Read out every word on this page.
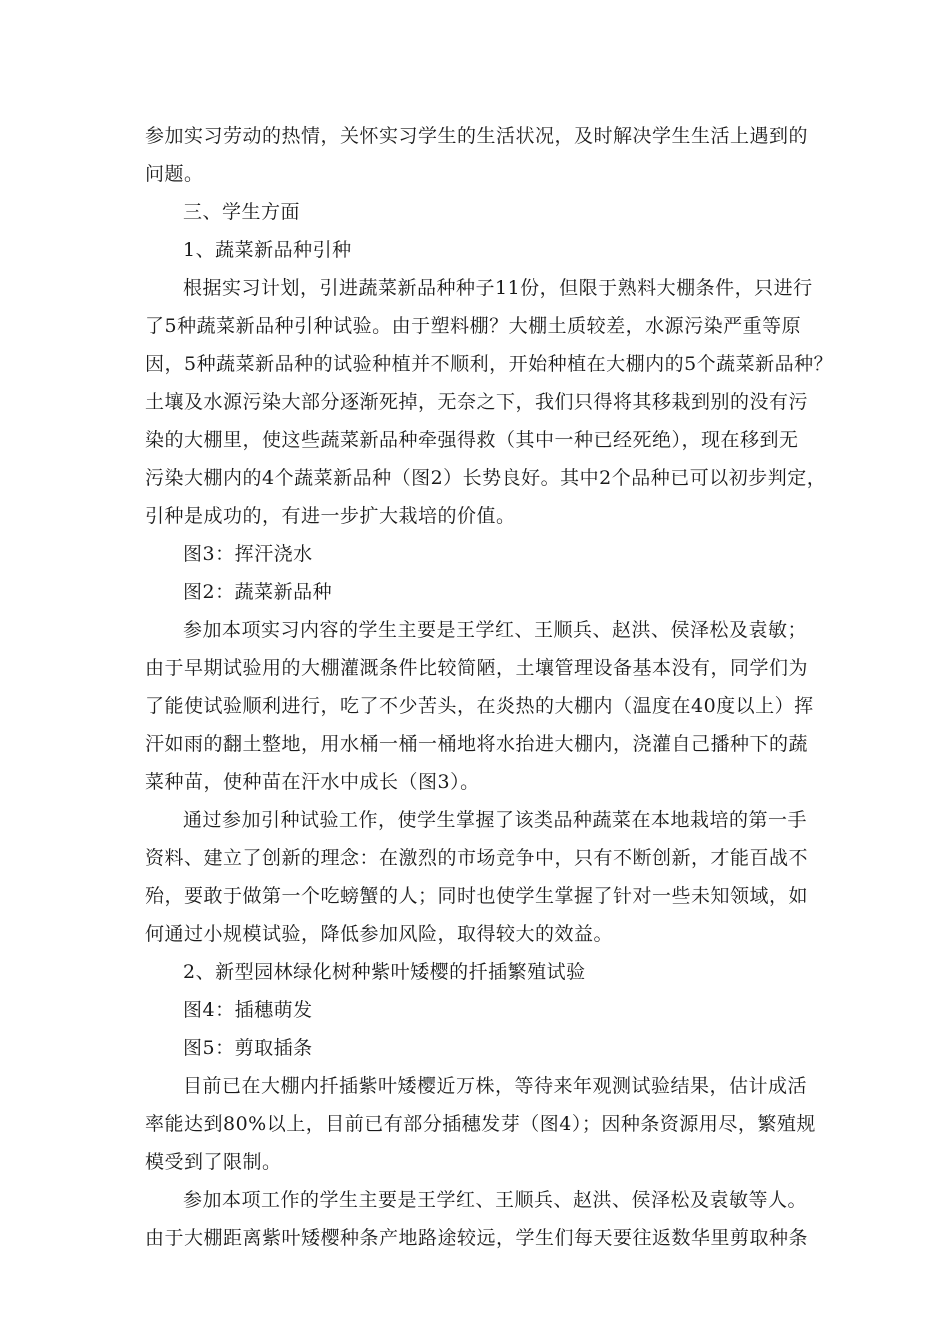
参加实习劳动的热情，关怀实习学生的生活状况，及时解决学生生活上遇到的
问题。
三、学生方面
1、蔬菜新品种引种
根据实习计划，引进蔬菜新品种种子11份，但限于熟料大棚条件，只进行
了5种蔬菜新品种引种试验。由于塑料棚？大棚土质较差，水源污染严重等原
因，5种蔬菜新品种的试验种植并不顺利，开始种植在大棚内的5个蔬菜新品种？
土壤及水源污染大部分逐渐死掉，无奈之下，我们只得将其移栽到别的没有污
染的大棚里，使这些蔬菜新品种牵强得救（其中一种已经死绝），现在移到无
污染大棚内的4个蔬菜新品种（图2）长势良好。其中2个品种已可以初步判定，
引种是成功的，有进一步扩大栽培的价值。
图3：挥汗浇水
图2：蔬菜新品种
参加本项实习内容的学生主要是王学红、王顺兵、赵洪、侯泽松及袁敏；
由于早期试验用的大棚灌溉条件比较简陋，土壤管理设备基本没有，同学们为
了能使试验顺利进行，吃了不少苦头，在炎热的大棚内（温度在40度以上）挥
汗如雨的翻土整地，用水桶一桶一桶地将水抬进大棚内，浇灌自己播种下的蔬
菜种苗，使种苗在汗水中成长（图3）。
通过参加引种试验工作，使学生掌握了该类品种蔬菜在本地栽培的第一手
资料、建立了创新的理念：在激烈的市场竞争中，只有不断创新，才能百战不
殆，要敢于做第一个吃螃蟹的人；同时也使学生掌握了针对一些未知领域，如
何通过小规模试验，降低参加风险，取得较大的效益。
2、新型园林绿化树种紫叶矮樱的扦插繁殖试验
图4：插穗萌发
图5：剪取插条
目前已在大棚内扦插紫叶矮樱近万株，等待来年观测试验结果，估计成活
率能达到80%以上，目前已有部分插穗发芽（图4）；因种条资源用尽，繁殖规
模受到了限制。
参加本项工作的学生主要是王学红、王顺兵、赵洪、侯泽松及袁敏等人。
由于大棚距离紫叶矮樱种条产地路途较远，学生们每天要往返数华里剪取种条
